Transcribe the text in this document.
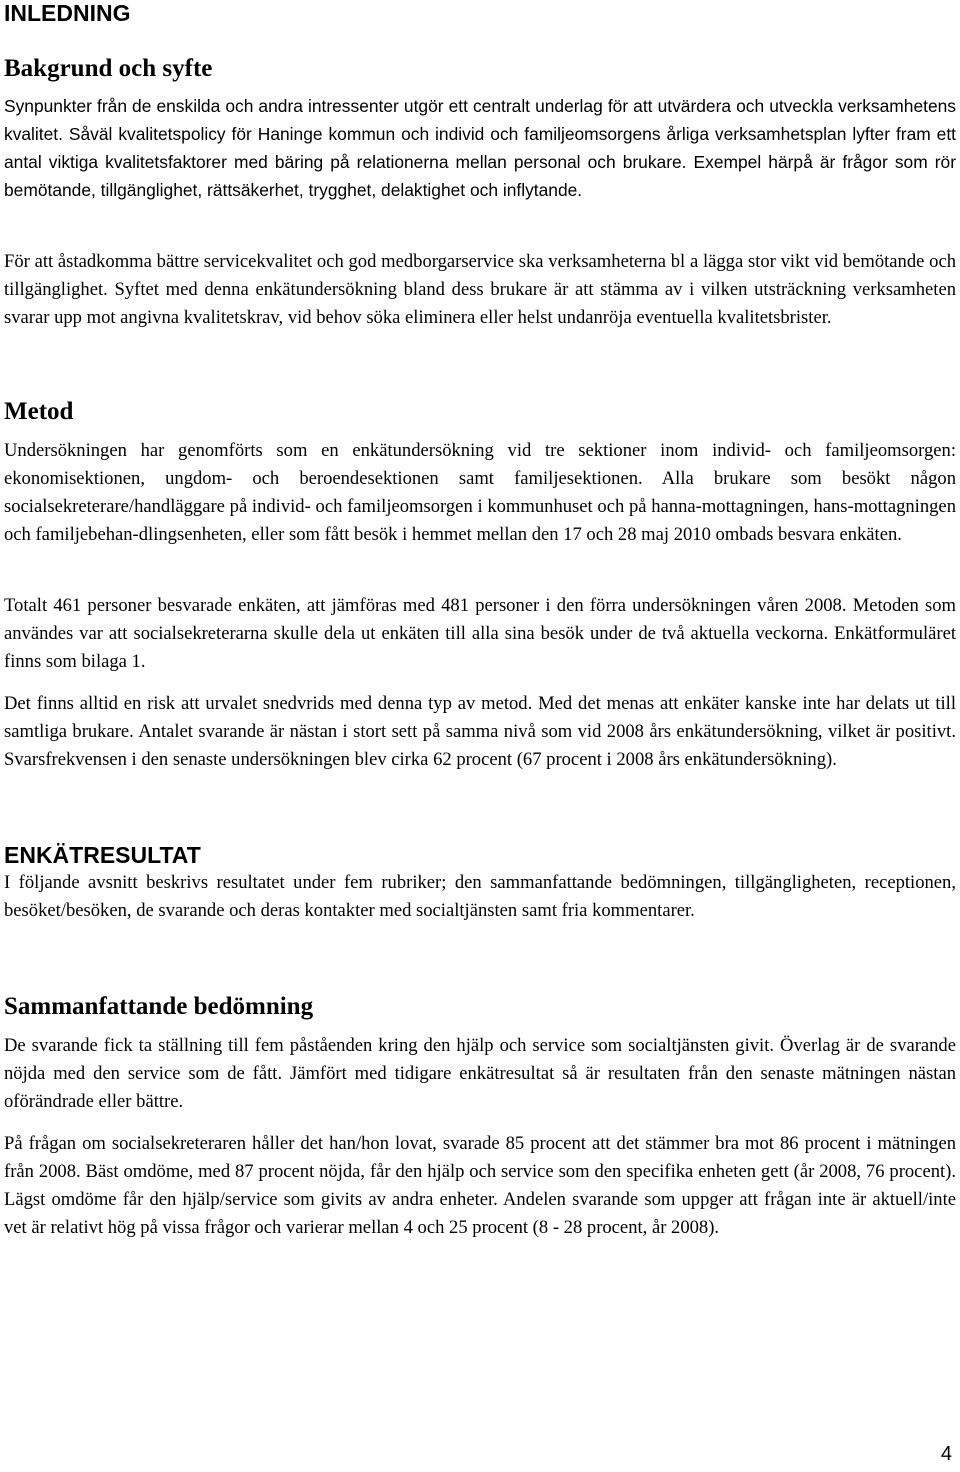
INLEDNING
Bakgrund och syfte

Synpunkter från de enskilda och andra intressenter utgör ett centralt underlag för att utvärdera och utveckla verksamhetens kvalitet. Såväl kvalitetspolicy för Haninge kommun och individ och familjeomsorgens årliga verksamhetsplan lyfter fram ett antal viktiga kvalitetsfaktorer med bäring på relationerna mellan personal och brukare. Exempel härpå är frågor som rör bemötande, tillgänglighet, rättsäkerhet, trygghet, delaktighet och inflytande.

För att åstadkomma bättre servicekvalitet och god medborgarservice ska verksamheterna bl a lägga stor vikt vid bemötande och tillgänglighet. Syftet med denna enkätundersökning bland dess brukare är att stämma av i vilken utsträckning verksamheten svarar upp mot angivna kvalitetskrav, vid behov söka eliminera eller helst undanröja eventuella kvalitetsbrister.

Metod

Undersökningen har genomförts som en enkätundersökning vid tre sektioner inom individ- och familjeomsorgen: ekonomisektionen, ungdom- och beroendesektionen samt familjesektionen. Alla brukare som besökt någon socialsekreterare/handläggare på individ- och familjeomsorgen i kommunhuset och på hanna-mottagningen, hans-mottagningen och familjebehan-dlingsenheten, eller som fått besök i hemmet mellan den 17 och 28 maj 2010 ombads besvara enkäten.

Totalt 461 personer besvarade enkäten, att jämföras med 481 personer i den förra undersökningen våren 2008. Metoden som användes var att socialsekreterarna skulle dela ut enkäten till alla sina besök under de två aktuella veckorna. Enkätformuläret finns som bilaga 1.

Det finns alltid en risk att urvalet snedvrids med denna typ av metod. Med det menas att enkäter kanske inte har delats ut till samtliga brukare. Antalet svarande är nästan i stort sett på samma nivå som vid 2008 års enkätundersökning, vilket är positivt. Svarsfrekvensen i den senaste undersökningen blev cirka 62 procent (67 procent i 2008 års enkätundersökning).

ENKÄTRESULTAT

I följande avsnitt beskrivs resultatet under fem rubriker; den sammanfattande bedömningen, tillgängligheten, receptionen, besöket/besöken, de svarande och deras kontakter med socialtjänsten samt fria kommentarer.

Sammanfattande bedömning

De svarande fick ta ställning till fem påståenden kring den hjälp och service som socialtjänsten givit. Överlag är de svarande nöjda med den service som de fått. Jämfört med tidigare enkätresultat så är resultaten från den senaste mätningen nästan oförändrade eller bättre.

På frågan om socialsekreteraren håller det han/hon lovat, svarade 85 procent att det stämmer bra mot 86 procent i mätningen från 2008. Bäst omdöme, med 87 procent nöjda, får den hjälp och service som den specifika enheten gett (år 2008, 76 procent). Lägst omdöme får den hjälp/service som givits av andra enheter. Andelen svarande som uppger att frågan inte är aktuell/inte vet är relativt hög på vissa frågor och varierar mellan 4 och 25 procent (8 - 28 procent, år 2008).

4
